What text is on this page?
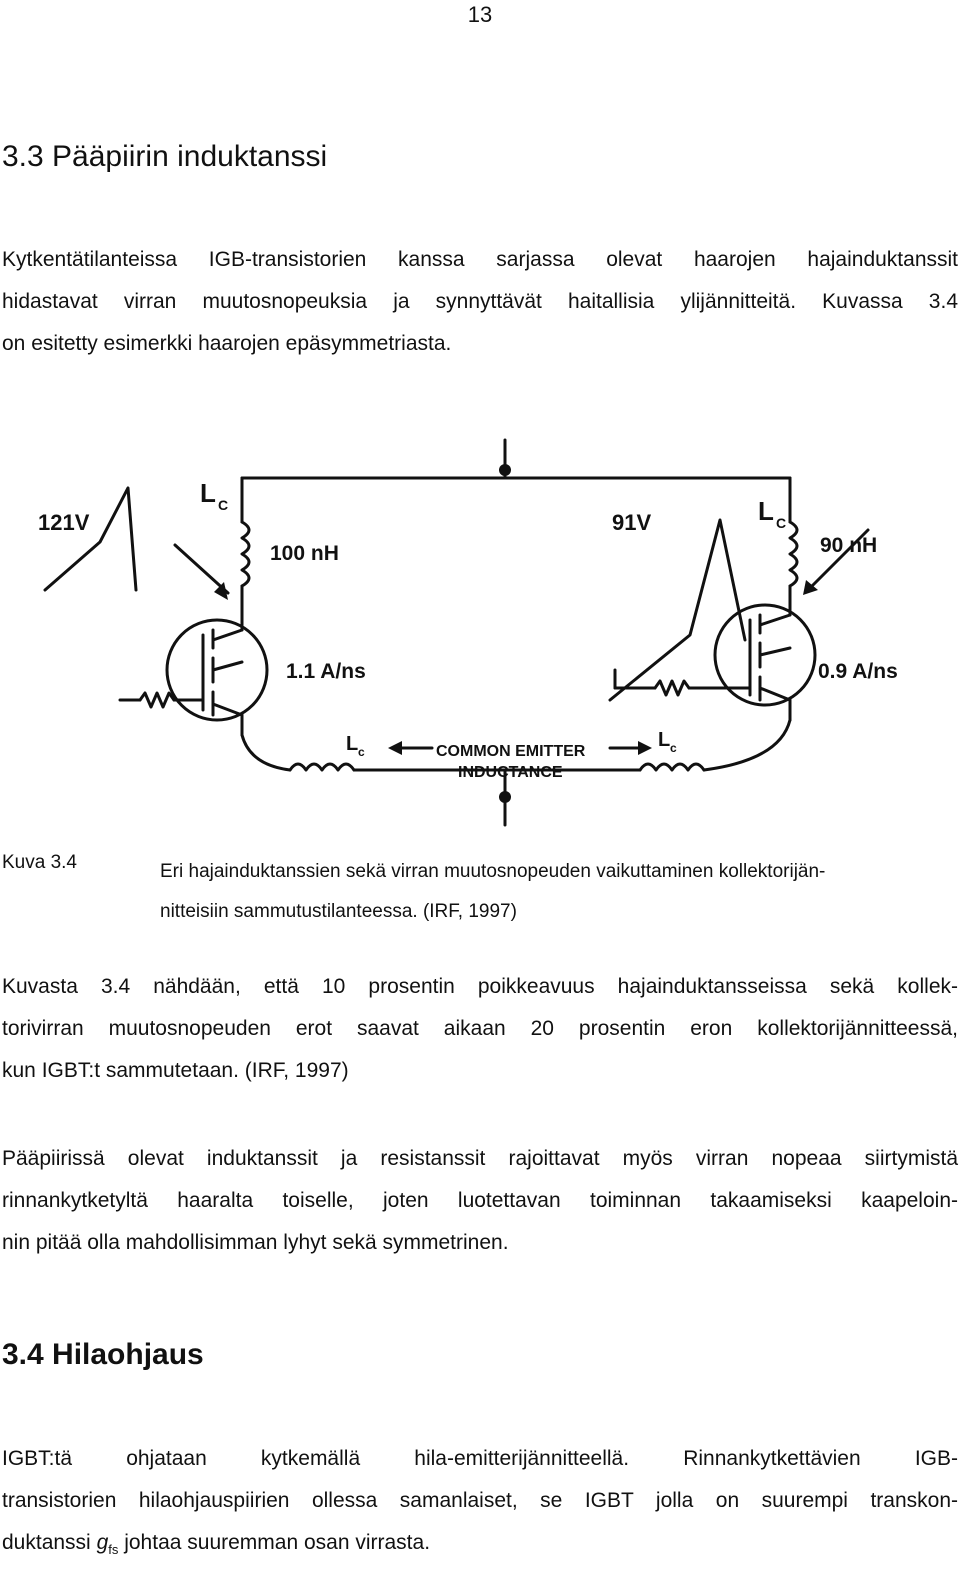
13
3.3 Pääpiirin induktanssi
Kytkentätilanteissa IGB-transistorien kanssa sarjassa olevat haarojen hajainduktanssit
hidastavat virran muutosnopeuksia ja synnyttävät haitallisia ylijännitteitä. Kuvassa 3.4
on esitetty esimerkki haarojen epäsymmetriasta.
121V	91V
L C	L C
100 nH	90 nH
1.1 A/ns	0.9 A/ns
L c
L c
COMMON EMITTER
INDUCTANCE
Kuva 3.4	Eri hajainduktanssien sekä virran muutosnopeuden vaikuttaminen kollektorijän-
nitteisiin sammutustilanteessa. (IRF, 1997)
Kuvasta 3.4 nähdään, että 10 prosentin poikkeavuus hajainduktansseissa sekä kollek-
torivirran muutosnopeuden erot saavat aikaan 20 prosentin eron kollektorijännitteessä,
kun IGBT:t sammutetaan. (IRF, 1997)
Pääpiirissä olevat induktanssit ja resistanssit rajoittavat myös virran nopeaa siirtymistä
rinnankytketyltä haaralta toiselle, joten luotettavan toiminnan takaamiseksi kaapeloin-
nin pitää olla mahdollisimman lyhyt sekä symmetrinen.
3.4 Hilaohjaus
IGBT:tä ohjataan kytkemällä hila-emitterijännitteellä. Rinnankytkettävien IGB-
transistorien hilaohjauspiirien ollessa samanlaiset, se IGBT jolla on suurempi transkon-
duktanssi $g_{fs}$ johtaa suuremman osan virrasta.
